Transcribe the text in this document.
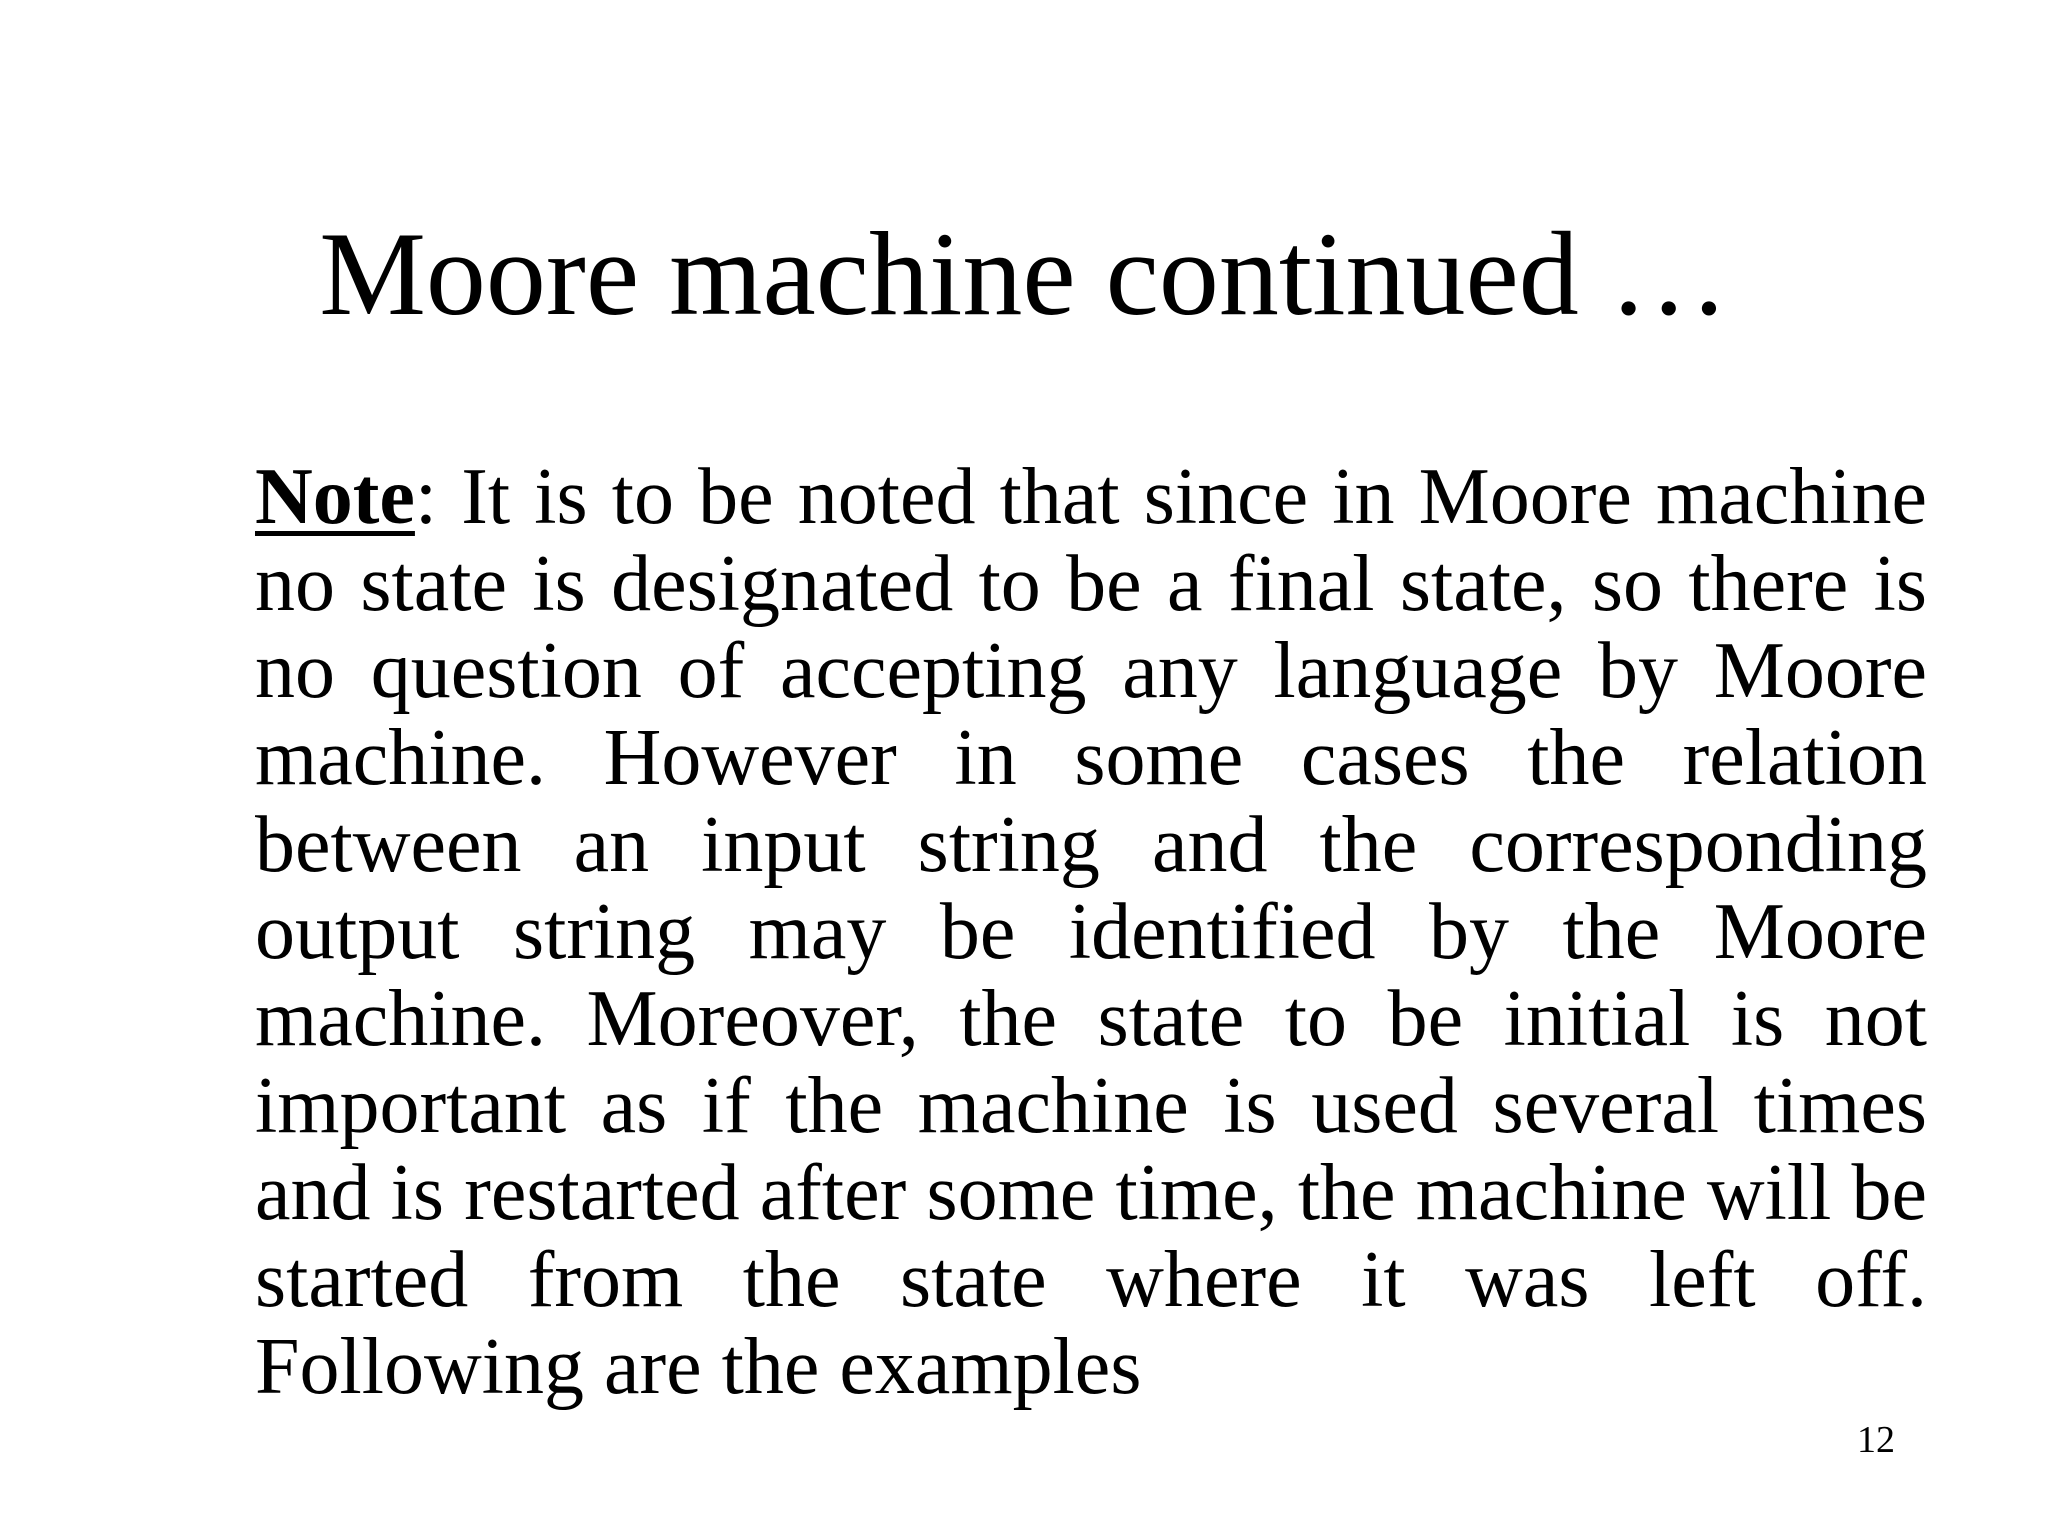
Moore machine continued …
Note: It is to be noted that since in Moore machine no state is designated to be a final state, so there is no question of accepting any language by Moore machine. However in some cases the relation between an input string and the corresponding output string may be identified by the Moore machine. Moreover, the state to be initial is not important as if the machine is used several times and is restarted after some time, the machine will be started from the state where it was left off. Following are the examples
12
